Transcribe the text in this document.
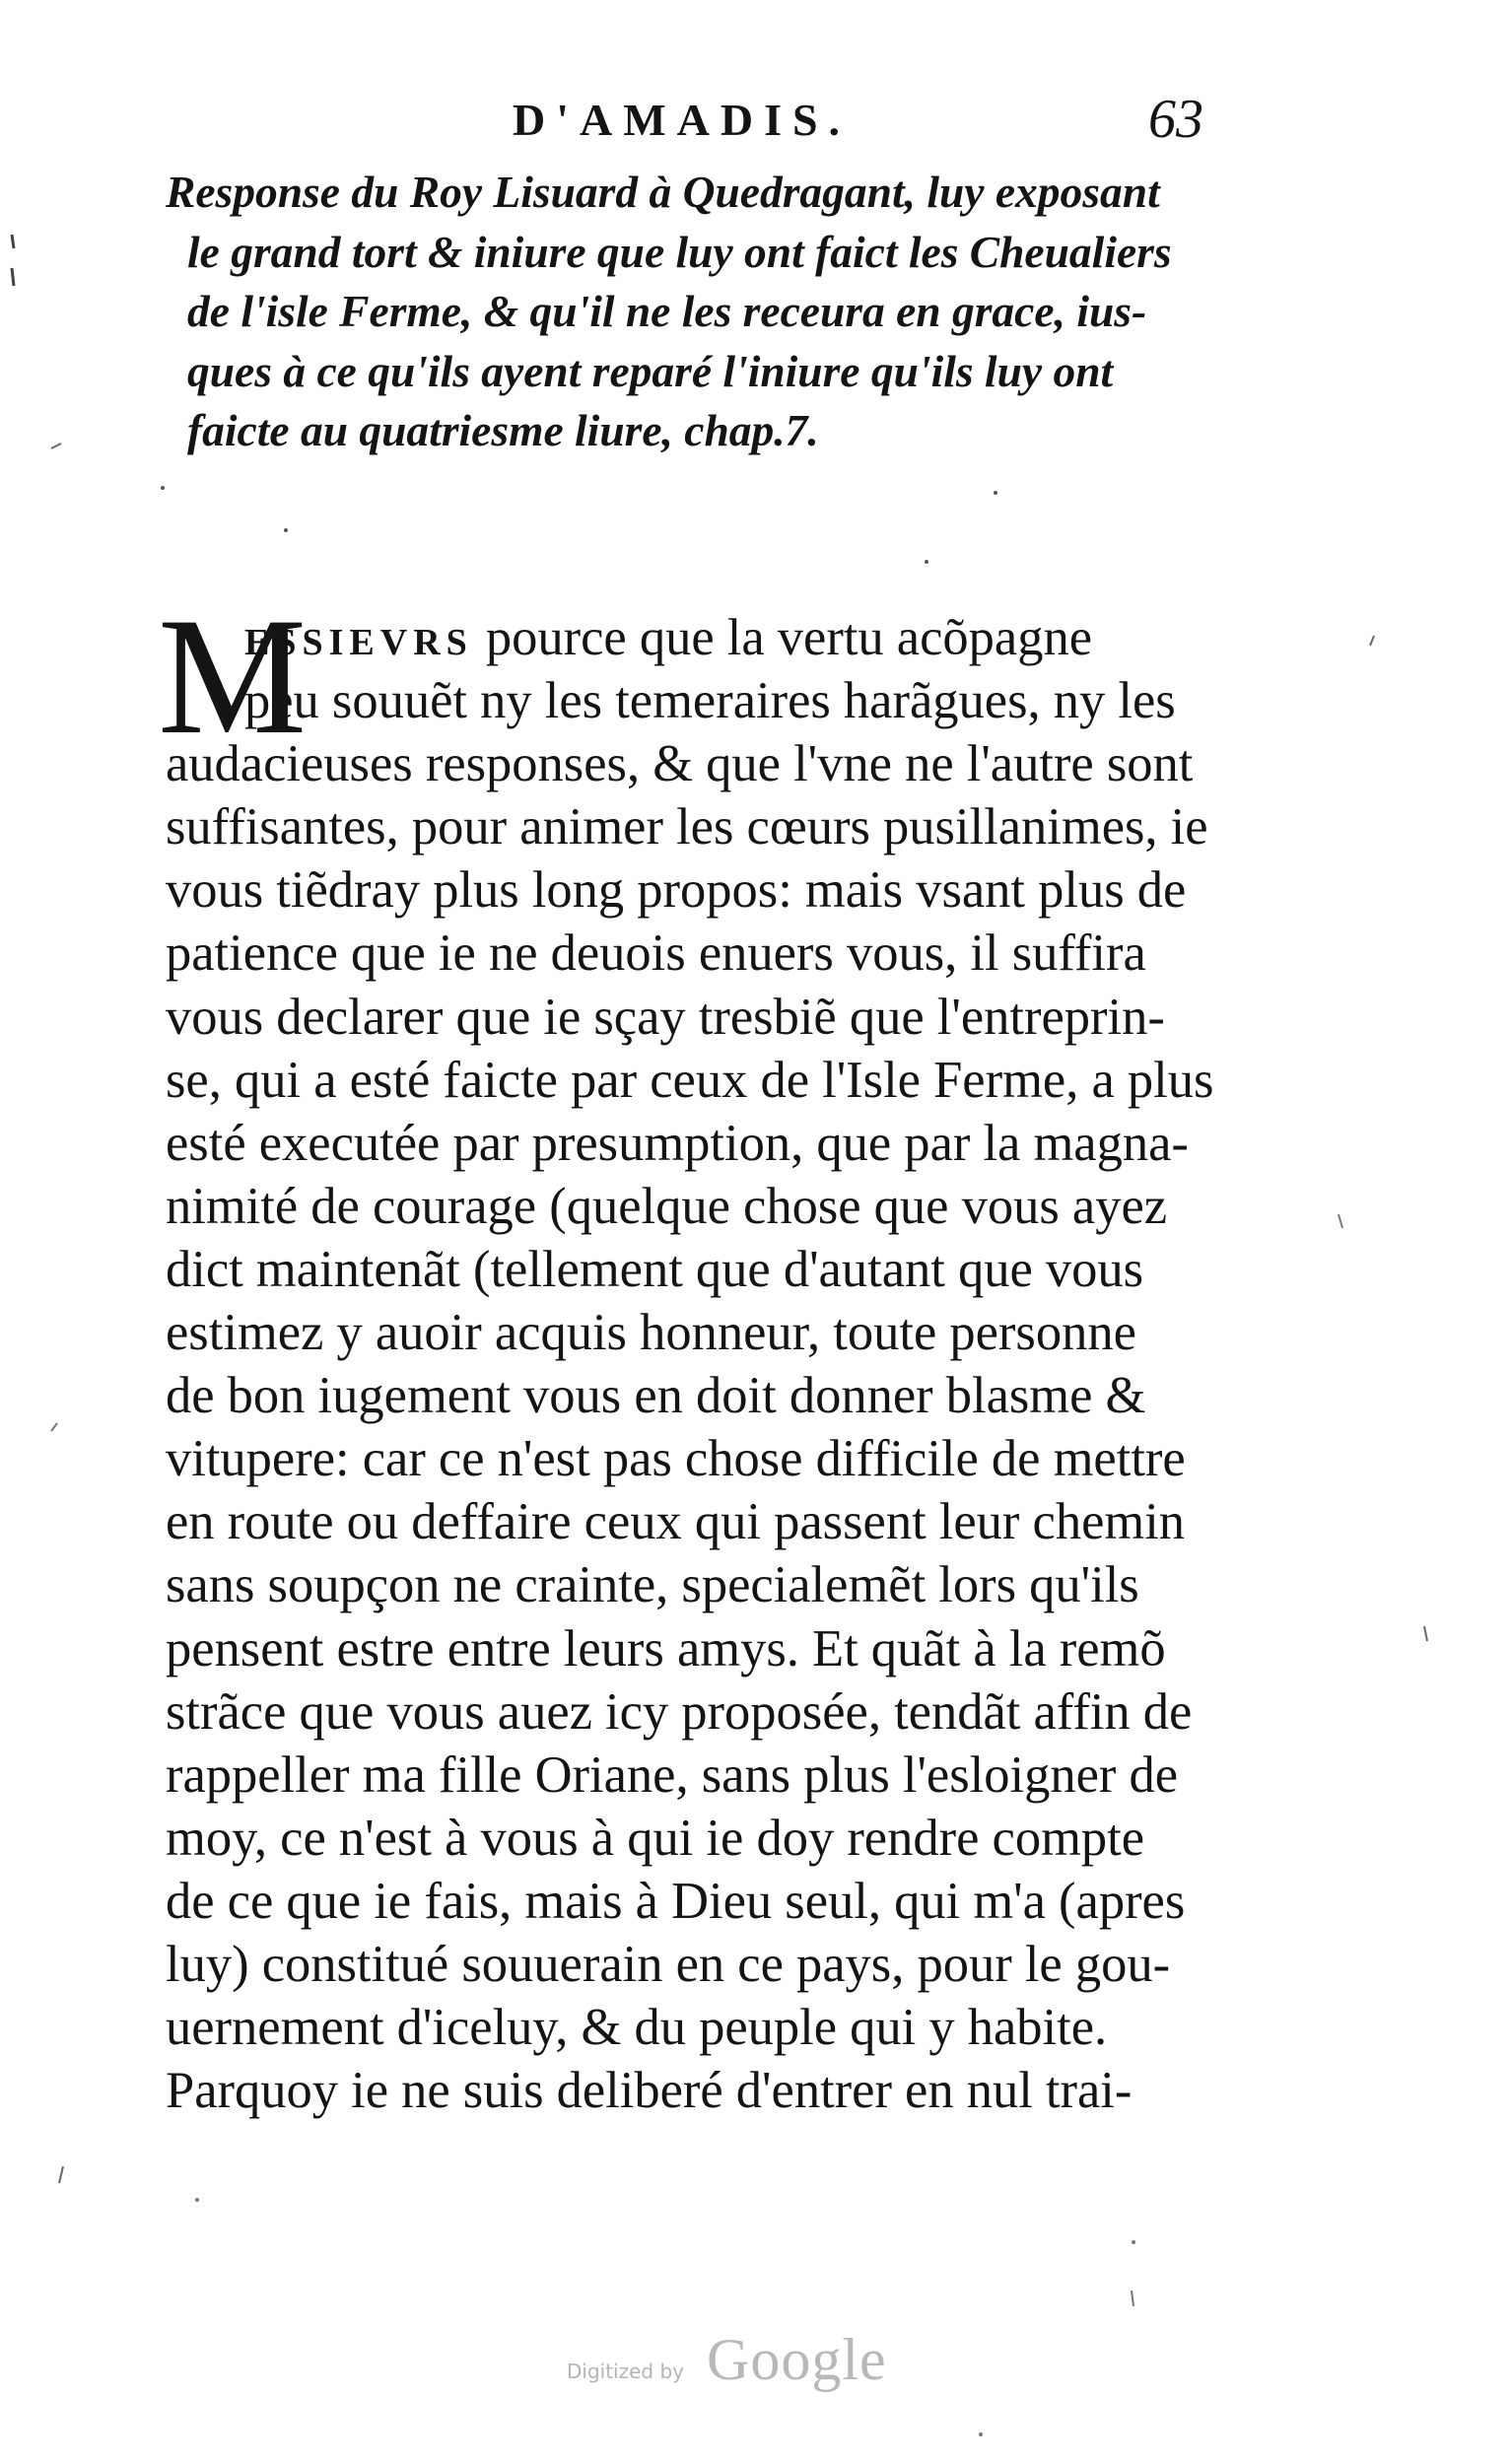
D'AMADIS.	63
Response du Roy Lisuard à Quedragant, luy exposant
le grand tort & iniure que luy ont faict les Cheualiers
de l'isle Ferme, & qu'il ne les receura en grace, ius-
ques à ce qu'ils ayent reparé l'iniure qu'ils luy ont
faicte au quatriesme liure, chap.7.
M
ESSIEVRS pource que la vertu acõpagne
peu souuẽt ny les temeraires harãgues, ny les
audacieuses responses, & que l'vne ne l'autre sont
suffisantes, pour animer les cœurs pusillanimes, ie
vous tiẽdray plus long propos: mais vsant plus de
patience que ie ne deuois enuers vous, il suffira
vous declarer que ie sçay tresbiẽ que l'entreprin-
se, qui a esté faicte par ceux de l'Isle Ferme, a plus
esté executée par presumption, que par la magna-
nimité de courage (quelque chose que vous ayez
dict maintenãt (tellement que d'autant que vous
estimez y auoir acquis honneur, toute personne
de bon iugement vous en doit donner blasme &
vitupere: car ce n'est pas chose difficile de mettre
en route ou deffaire ceux qui passent leur chemin
sans soupçon ne crainte, specialemẽt lors qu'ils
pensent estre entre leurs amys. Et quãt à la remõ
strãce que vous auez icy proposée, tendãt affin de
rappeller ma fille Oriane, sans plus l'esloigner de
moy, ce n'est à vous à qui ie doy rendre compte
de ce que ie fais, mais à Dieu seul, qui m'a (apres
luy) constitué souuerain en ce pays, pour le gou-
uernement d'iceluy, & du peuple qui y habite.
Parquoy ie ne suis deliberé d'entrer en nul trai-
Digitized by Google
